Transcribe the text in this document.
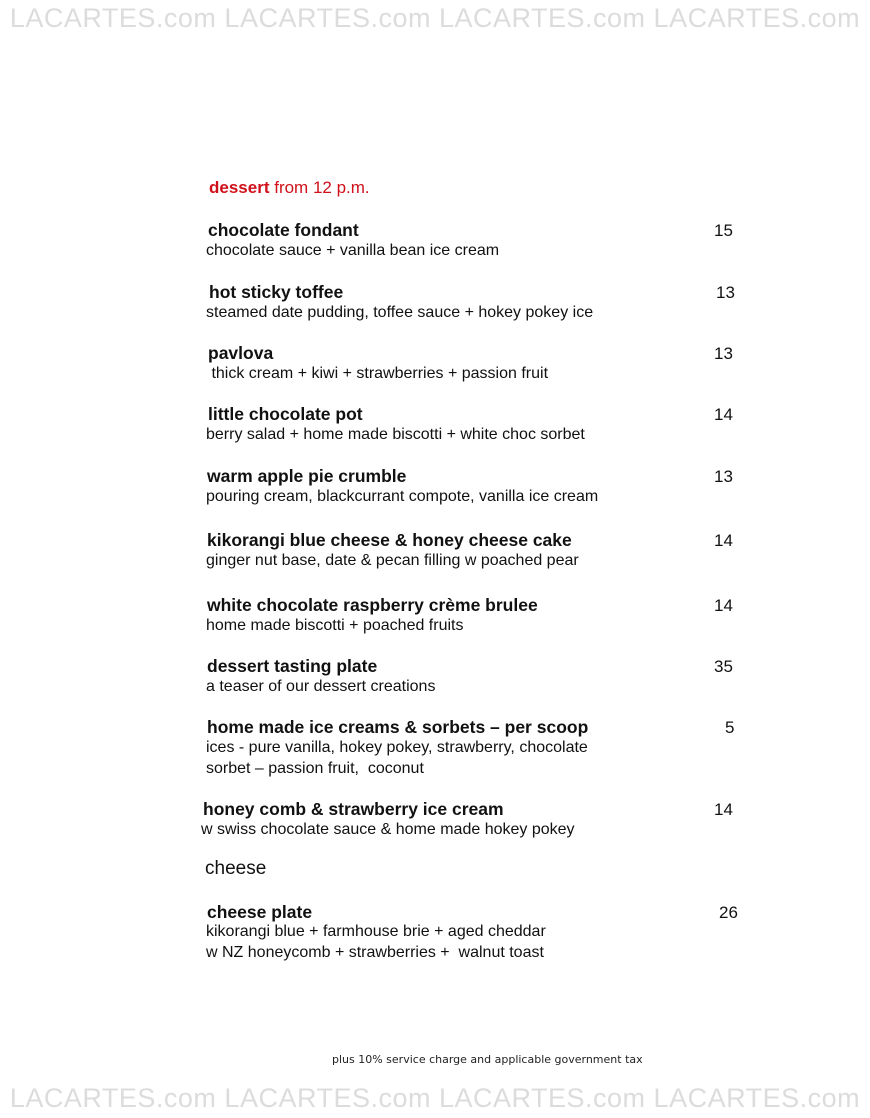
LACARTES.com LACARTES.com LACARTES.com LACARTES.com
dessert from 12 p.m.
chocolate fondant
chocolate sauce + vanilla bean ice cream
15
hot sticky toffee
steamed date pudding, toffee sauce + hokey pokey ice
13
pavlova
thick cream + kiwi + strawberries + passion fruit
13
little chocolate pot
berry salad + home made biscotti + white choc sorbet
14
warm apple pie crumble
pouring cream, blackcurrant compote, vanilla ice cream
13
kikorangi blue cheese & honey cheese cake
ginger nut base, date & pecan filling w poached pear
14
white chocolate raspberry crème brulee
home made biscotti + poached fruits
14
dessert tasting plate
a teaser of our dessert creations
35
home made ice creams & sorbets – per scoop
ices - pure vanilla, hokey pokey, strawberry, chocolate
sorbet – passion fruit,  coconut
5
honey comb & strawberry ice cream
w swiss chocolate sauce & home made hokey pokey
14
cheese
cheese plate
kikorangi blue + farmhouse brie + aged cheddar
w NZ honeycomb + strawberries +  walnut toast
26
plus 10% service charge and applicable government tax
LACARTES.com LACARTES.com LACARTES.com LACARTES.com
